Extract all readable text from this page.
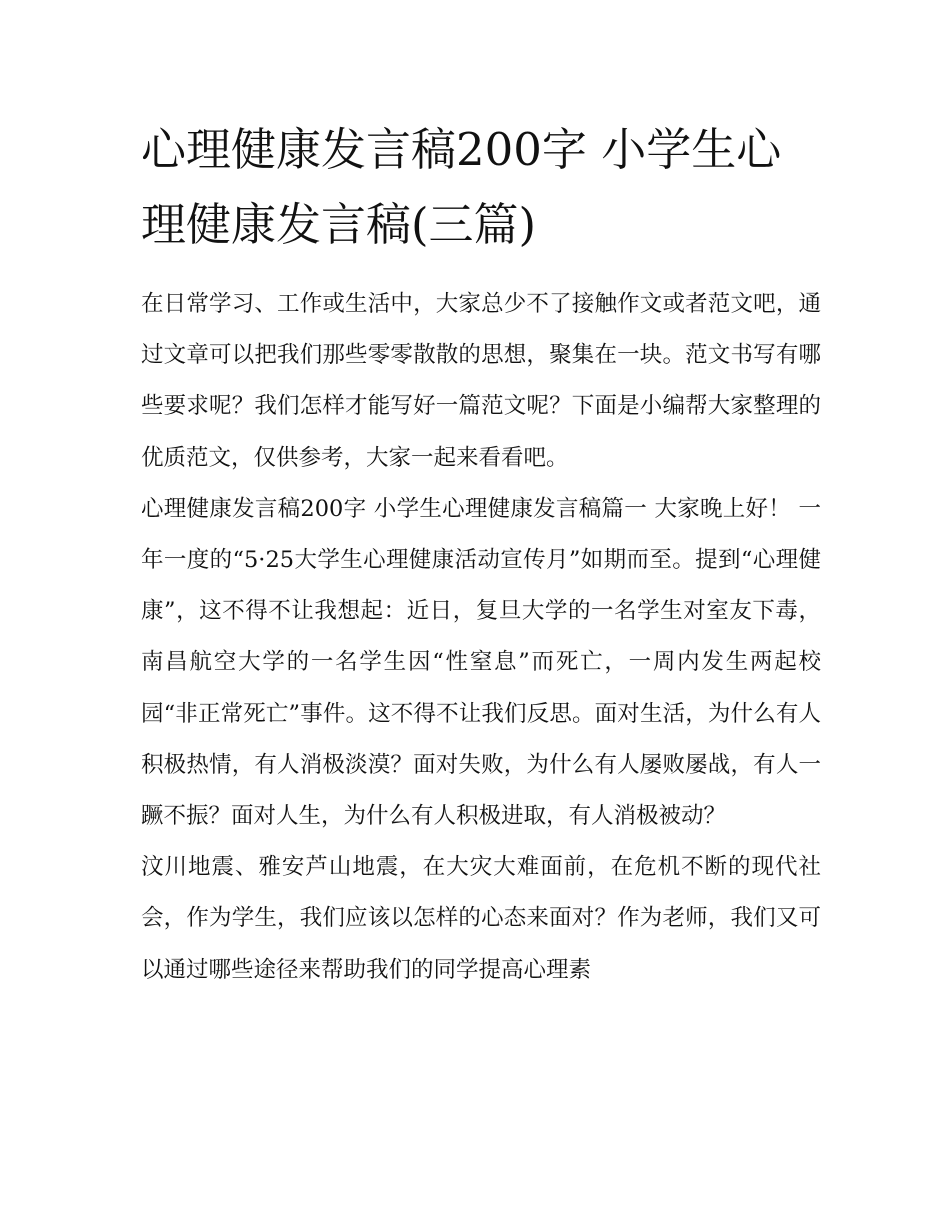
心理健康发言稿200字 小学生心理健康发言稿(三篇)

在日常学习、工作或生活中，大家总少不了接触作文或者范文吧，通过文章可以把我们那些零零散散的思想，聚集在一块。范文书写有哪些要求呢？我们怎样才能写好一篇范文呢？下面是小编帮大家整理的优质范文，仅供参考，大家一起来看看吧。

心理健康发言稿200字 小学生心理健康发言稿篇一 大家晚上好！ 一年一度的“5·25大学生心理健康活动宣传月”如期而至。提到“心理健康”，这不得不让我想起：近日，复旦大学的一名学生对室友下毒，南昌航空大学的一名学生因“性窒息”而死亡，一周内发生两起校园“非正常死亡”事件。这不得不让我们反思。面对生活，为什么有人积极热情，有人消极淡漠？面对失败，为什么有人屡败屡战，有人一蹶不振？面对人生，为什么有人积极进取，有人消极被动？

汶川地震、雅安芦山地震，在大灾大难面前，在危机不断的现代社会，作为学生，我们应该以怎样的心态来面对？作为老师，我们又可以通过哪些途径来帮助我们的同学提高心理素
